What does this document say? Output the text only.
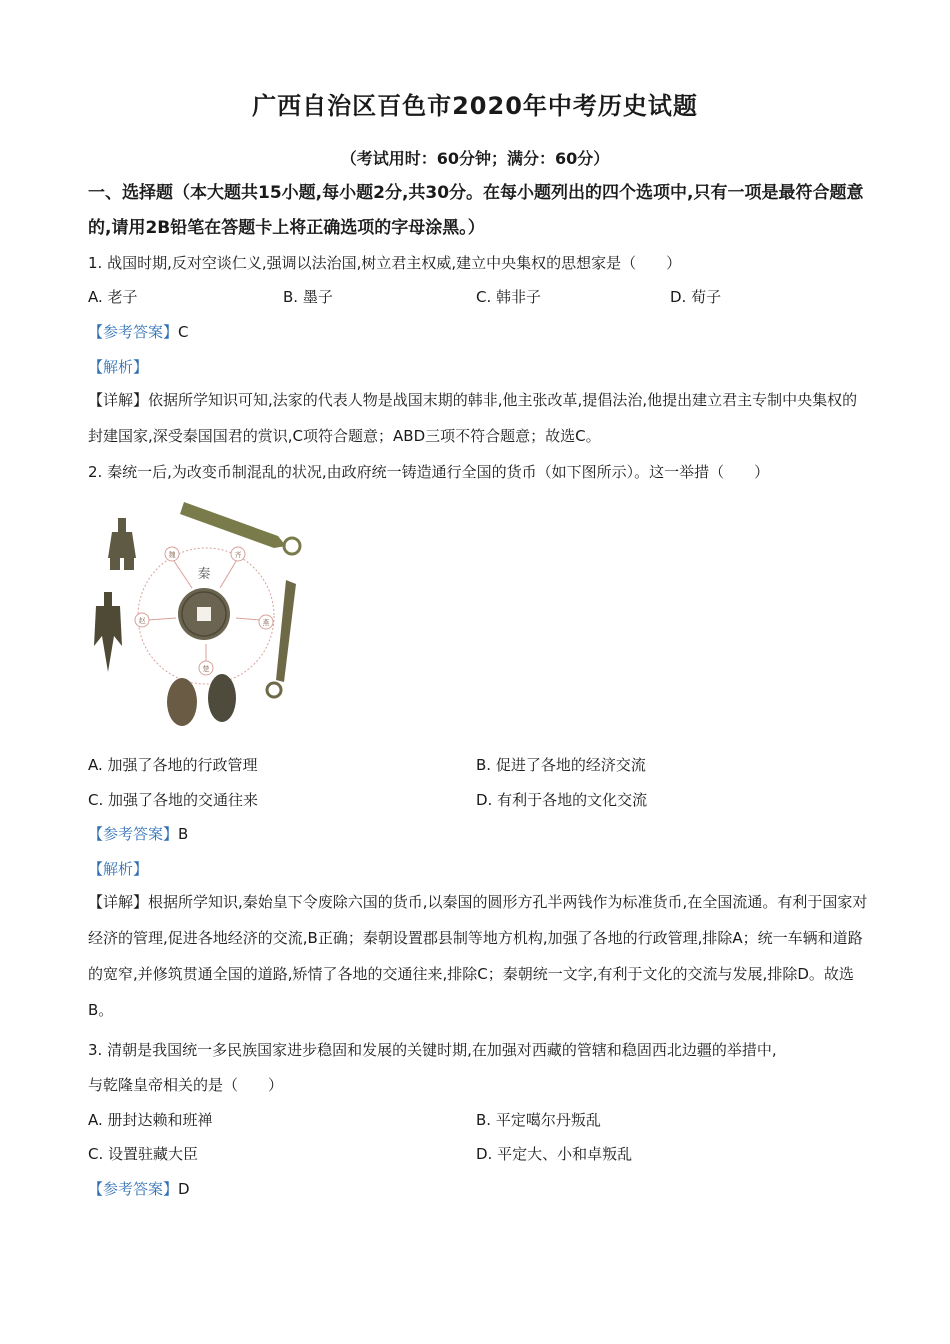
广西自治区百色市2020年中考历史试题
（考试用时：60分钟；满分：60分）
一、选择题（本大题共15小题,每小题2分,共30分。在每小题列出的四个选项中,只有一项是最符合题意的,请用2B铅笔在答题卡上将正确选项的字母涂黑。）
1. 战国时期,反对空谈仁义,强调以法治国,树立君主权威,建立中央集权的思想家是（　　）
A. 老子	B. 墨子	C. 韩非子	D. 荀子
【参考答案】C
【解析】
【详解】依据所学知识可知,法家的代表人物是战国末期的韩非,他主张改革,提倡法治,他提出建立君主专制中央集权的封建国家,深受秦国国君的赏识,C项符合题意；ABD三项不符合题意；故选C。
2. 秦统一后,为改变币制混乱的状况,由政府统一铸造通行全国的货币（如下图所示）。这一举措（　　）
魏	齐
燕
楚
赵
秦
A. 加强了各地的行政管理	B. 促进了各地的经济交流
C. 加强了各地的交通往来	D. 有利于各地的文化交流
【参考答案】B
【解析】
【详解】根据所学知识,秦始皇下令废除六国的货币,以秦国的圆形方孔半两钱作为标准货币,在全国流通。有利于国家对经济的管理,促进各地经济的交流,B正确；秦朝设置郡县制等地方机构,加强了各地的行政管理,排除A；统一车辆和道路的宽窄,并修筑贯通全国的道路,矫情了各地的交通往来,排除C；秦朝统一文字,有利于文化的交流与发展,排除D。故选B。
3. 清朝是我国统一多民族国家进步稳固和发展的关键时期,在加强对西藏的管辖和稳固西北边疆的举措中,
与乾隆皇帝相关的是（　　）
A. 册封达赖和班禅	B. 平定噶尔丹叛乱
C. 设置驻藏大臣	D. 平定大、小和卓叛乱
【参考答案】D
